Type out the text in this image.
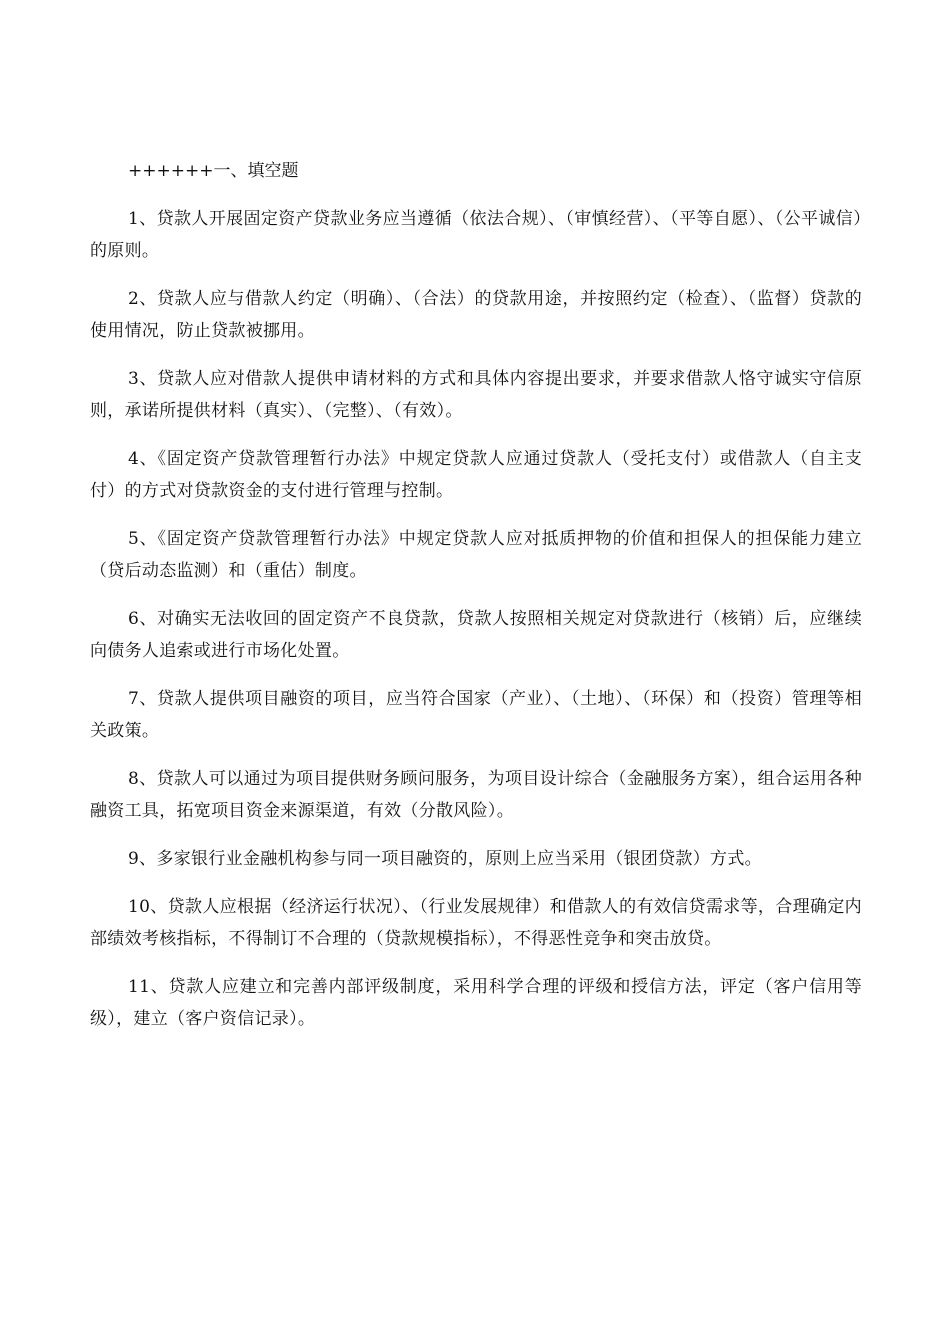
++++++一、填空题

1、贷款人开展固定资产贷款业务应当遵循（依法合规）、（审慎经营）、（平等自愿）、（公平诚信）的原则。

2、贷款人应与借款人约定（明确）、（合法）的贷款用途，并按照约定（检查）、（监督）贷款的使用情况，防止贷款被挪用。

3、贷款人应对借款人提供申请材料的方式和具体内容提出要求，并要求借款人恪守诚实守信原则，承诺所提供材料（真实）、（完整）、（有效）。

4、《固定资产贷款管理暂行办法》中规定贷款人应通过贷款人（受托支付）或借款人（自主支付）的方式对贷款资金的支付进行管理与控制。

5、《固定资产贷款管理暂行办法》中规定贷款人应对抵质押物的价值和担保人的担保能力建立（贷后动态监测）和（重估）制度。

6、对确实无法收回的固定资产不良贷款，贷款人按照相关规定对贷款进行（核销）后，应继续向债务人追索或进行市场化处置。

7、贷款人提供项目融资的项目，应当符合国家（产业）、（土地）、（环保）和（投资）管理等相关政策。

8、贷款人可以通过为项目提供财务顾问服务，为项目设计综合（金融服务方案），组合运用各种融资工具，拓宽项目资金来源渠道，有效（分散风险）。

9、多家银行业金融机构参与同一项目融资的，原则上应当采用（银团贷款）方式。

10、贷款人应根据（经济运行状况）、（行业发展规律）和借款人的有效信贷需求等，合理确定内部绩效考核指标，不得制订不合理的（贷款规模指标），不得恶性竞争和突击放贷。

11、贷款人应建立和完善内部评级制度，采用科学合理的评级和授信方法，评定（客户信用等级），建立（客户资信记录）。
